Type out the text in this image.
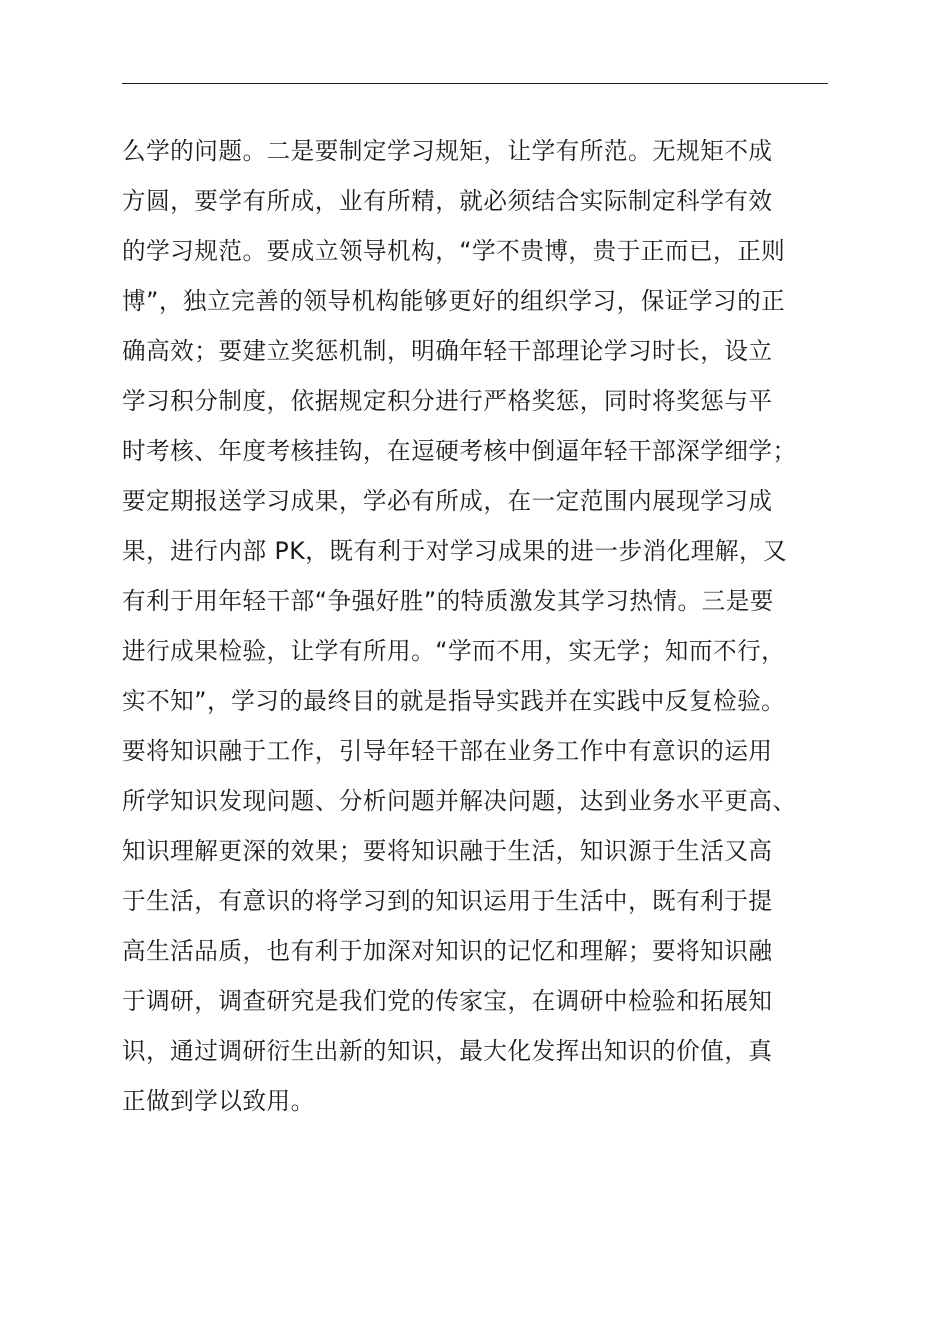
么学的问题。二是要制定学习规矩，让学有所范。无规矩不成
方圆，要学有所成，业有所精，就必须结合实际制定科学有效
的学习规范。要成立领导机构，“学不贵博，贵于正而已，正则
博”，独立完善的领导机构能够更好的组织学习，保证学习的正
确高效；要建立奖惩机制，明确年轻干部理论学习时长，设立
学习积分制度，依据规定积分进行严格奖惩，同时将奖惩与平
时考核、年度考核挂钩，在逗硬考核中倒逼年轻干部深学细学；
要定期报送学习成果，学必有所成，在一定范围内展现学习成
果，进行内部 PK，既有利于对学习成果的进一步消化理解，又
有利于用年轻干部“争强好胜”的特质激发其学习热情。三是要
进行成果检验，让学有所用。“学而不用，实无学；知而不行，
实不知”，学习的最终目的就是指导实践并在实践中反复检验。
要将知识融于工作，引导年轻干部在业务工作中有意识的运用
所学知识发现问题、分析问题并解决问题，达到业务水平更高、
知识理解更深的效果；要将知识融于生活，知识源于生活又高
于生活，有意识的将学习到的知识运用于生活中，既有利于提
高生活品质，也有利于加深对知识的记忆和理解；要将知识融
于调研，调查研究是我们党的传家宝，在调研中检验和拓展知
识，通过调研衍生出新的知识，最大化发挥出知识的价值，真
正做到学以致用。
